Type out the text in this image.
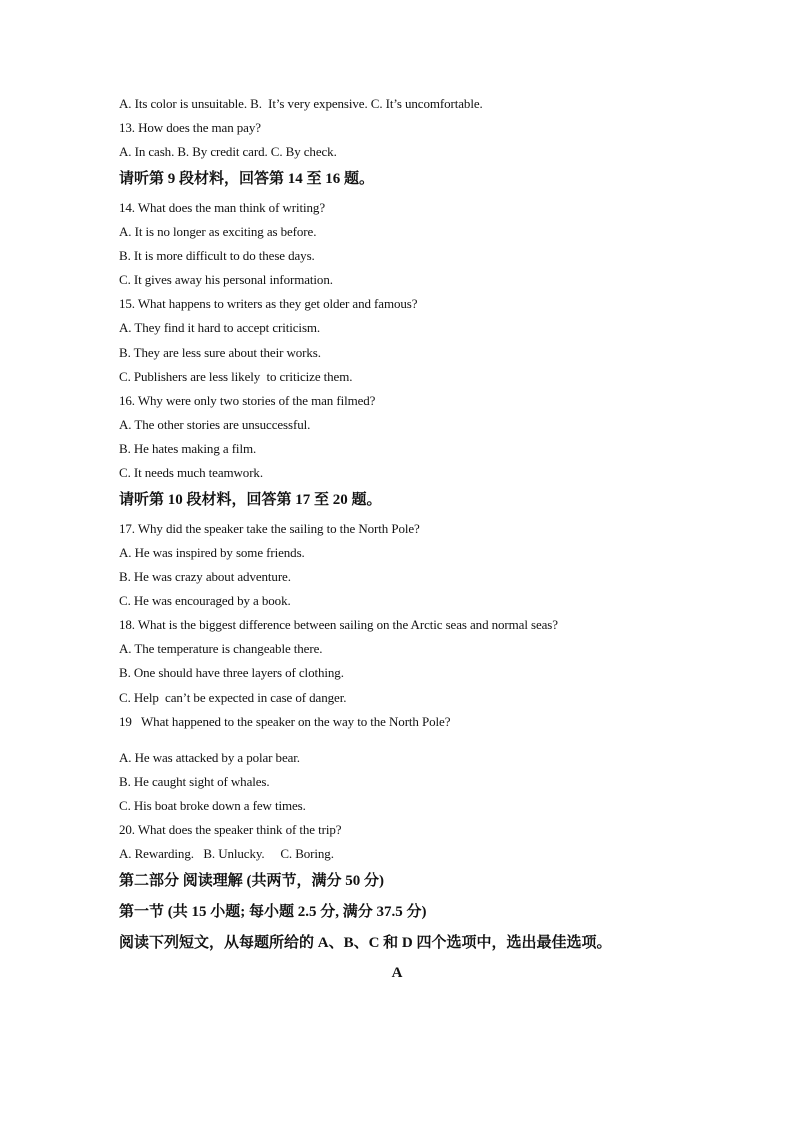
A. Its color is unsuitable. B.  It’s very expensive. C. It’s uncomfortable.
13. How does the man pay?
A. In cash. B. By credit card. C. By check.
请听第 9 段材料，回答第 14 至 16 题。
14. What does the man think of writing?
A. It is no longer as exciting as before.
B. It is more difficult to do these days.
C. It gives away his personal information.
15. What happens to writers as they get older and famous?
A. They find it hard to accept criticism.
B. They are less sure about their works.
C. Publishers are less likely  to criticize them.
16. Why were only two stories of the man filmed?
A. The other stories are unsuccessful.
B. He hates making a film.
C. It needs much teamwork.
请听第 10 段材料，回答第 17 至 20 题。
17. Why did the speaker take the sailing to the North Pole?
A. He was inspired by some friends.
B. He was crazy about adventure.
C. He was encouraged by a book.
18. What is the biggest difference between sailing on the Arctic seas and normal seas?
A. The temperature is changeable there.
B. One should have three layers of clothing.
C. Help  can’t be expected in case of danger.
19   What happened to the speaker on the way to the North Pole?
A. He was attacked by a polar bear.
B. He caught sight of whales.
C. His boat broke down a few times.
20. What does the speaker think of the trip?
A. Rewarding.   B. Unlucky.     C. Boring.
第二部分 阅读理解 (共两节，满分 50 分)
第一节 (共 15 小题; 每小题 2.5 分, 满分 37.5 分)
阅读下列短文，从每题所给的 A、B、C 和 D 四个选项中，选出最佳选项。
A
